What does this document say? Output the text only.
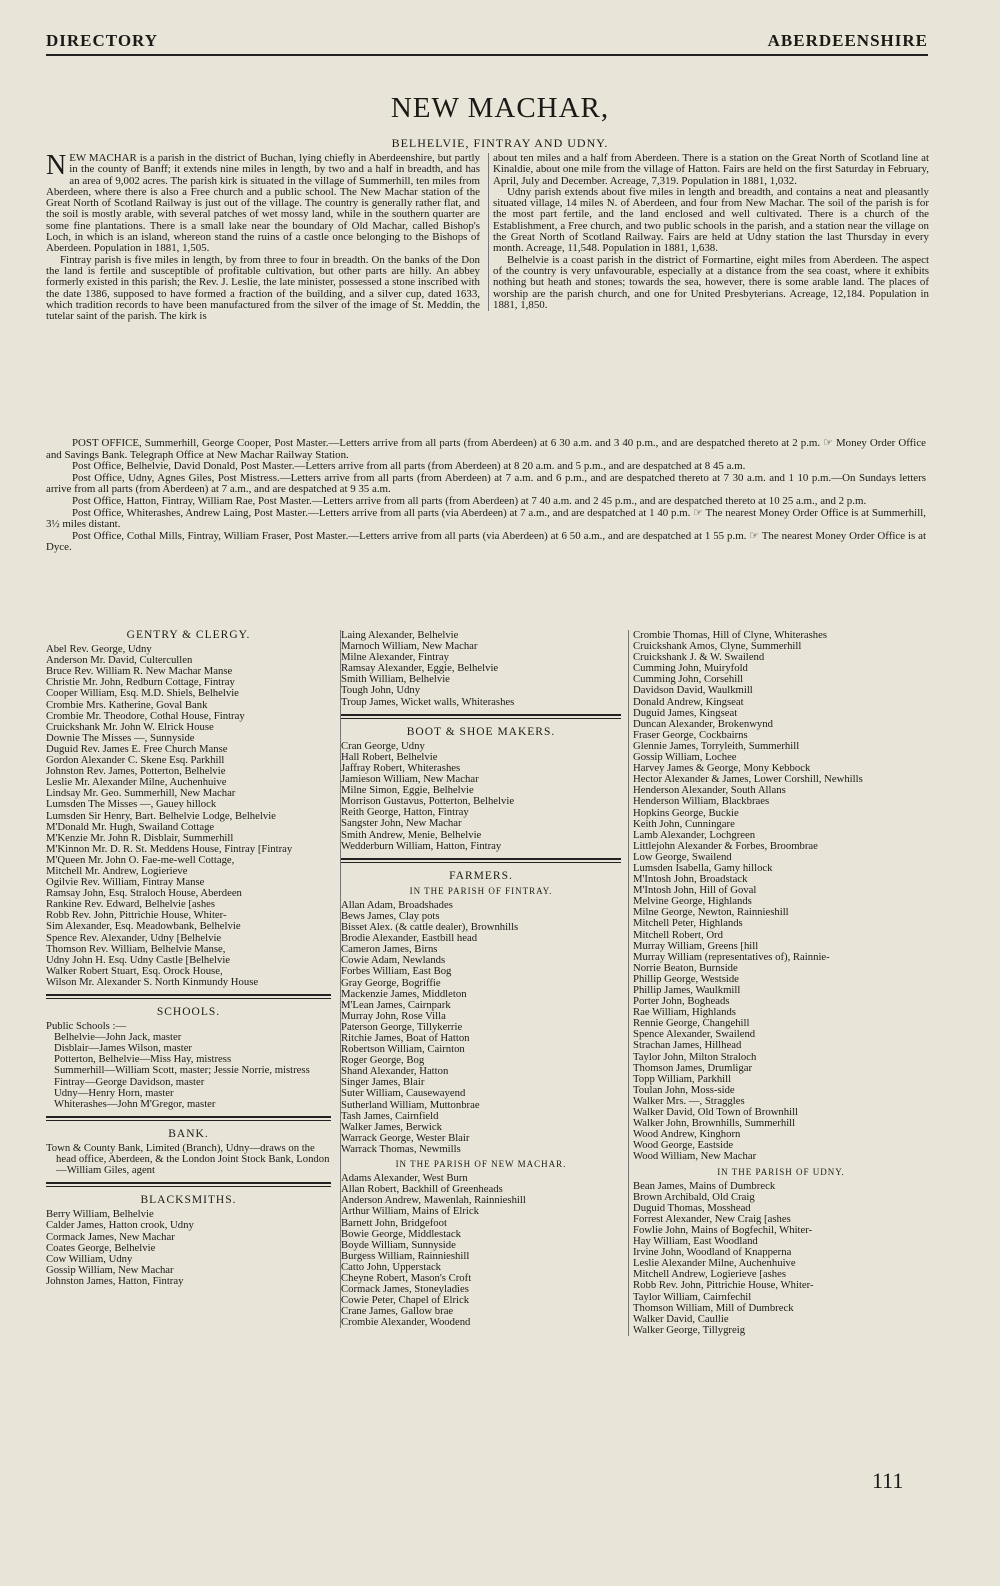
DIRECTORY	ABERDEENSHIRE
NEW MACHAR,
BELHELVIE, FINTRAY AND UDNY.

NEW MACHAR is a parish in the district of Buchan, lying chiefly in Aberdeenshire, but partly in the county of Banff; it extends nine miles in length, by two and a half in breadth, and has an area of 9,002 acres. The parish kirk is situated in the village of Summerhill, ten miles from Aberdeen, where there is also a Free church and a public school. The New Machar station of the Great North of Scotland Railway is just out of the village. The country is generally rather flat, and the soil is mostly arable, with several patches of wet mossy land, while in the southern quarter are some fine plantations. There is a small lake near the boundary of Old Machar, called Bishop's Loch, in which is an island, whereon stand the ruins of a castle once belonging to the Bishops of Aberdeen. Population in 1881, 1,505.

Fintray parish is five miles in length, by from three to four in breadth. On the banks of the Don the land is fertile and susceptible of profitable cultivation, but other parts are hilly. An abbey formerly existed in this parish; the Rev. J. Leslie, the late minister, possessed a stone inscribed with the date 1386, supposed to have formed a fraction of the building, and a silver cup, dated 1633, which tradition records to have been manufactured from the silver of the image of St. Meddin, the tutelar saint of the parish. The kirk is

about ten miles and a half from Aberdeen. There is a station on the Great North of Scotland line at Kinaldie, about one mile from the village of Hatton. Fairs are held on the first Saturday in February, April, July and December. Acreage, 7,319. Population in 1881, 1,032.

Udny parish extends about five miles in length and breadth, and contains a neat and pleasantly situated village, 14 miles N. of Aberdeen, and four from New Machar. The soil of the parish is for the most part fertile, and the land enclosed and well cultivated. There is a church of the Establishment, a Free church, and two public schools in the parish, and a station near the village on the Great North of Scotland Railway. Fairs are held at Udny station the last Thursday in every month. Acreage, 11,548. Population in 1881, 1,638.

Belhelvie is a coast parish in the district of Formartine, eight miles from Aberdeen. The aspect of the country is very unfavourable, especially at a distance from the sea coast, where it exhibits nothing but heath and stones; towards the sea, however, there is some arable land. The places of worship are the parish church, and one for United Presbyterians. Acreage, 12,184. Population in 1881, 1,850.

POST OFFICE, Summerhill, George Cooper, Post Master.—Letters arrive from all parts (from Aberdeen) at 6 30 a.m. and 3 40 p.m., and are despatched thereto at 2 p.m. ☞ Money Order Office and Savings Bank. Telegraph Office at New Machar Railway Station.

Post Office, Belhelvie, David Donald, Post Master.—Letters arrive from all parts (from Aberdeen) at 8 20 a.m. and 5 p.m., and are despatched at 8 45 a.m.

Post Office, Udny, Agnes Giles, Post Mistress.—Letters arrive from all parts (from Aberdeen) at 7 a.m. and 6 p.m., and are despatched thereto at 7 30 a.m. and 1 10 p.m.—On Sundays letters arrive from all parts (from Aberdeen) at 7 a.m., and are despatched at 9 35 a.m.

Post Office, Hatton, Fintray, William Rae, Post Master.—Letters arrive from all parts (from Aberdeen) at 7 40 a.m. and 2 45 p.m., and are despatched thereto at 10 25 a.m., and 2 p.m.

Post Office, Whiterashes, Andrew Laing, Post Master.—Letters arrive from all parts (via Aberdeen) at 7 a.m., and are despatched at 1 40 p.m. ☞ The nearest Money Order Office is at Summerhill, 3½ miles distant.

Post Office, Cothal Mills, Fintray, William Fraser, Post Master.—Letters arrive from all parts (via Aberdeen) at 6 50 a.m., and are despatched at 1 55 p.m. ☞ The nearest Money Order Office is at Dyce.

GENTRY & CLERGY.
Abel Rev. George, Udny
Anderson Mr. David, Cultercullen
Bruce Rev. William R. New Machar Manse
Christie Mr. John, Redburn Cottage, Fintray
Cooper William, Esq. M.D. Shiels, Belhelvie
Crombie Mrs. Katherine, Goval Bank
Crombie Mr. Theodore, Cothal House, Fintray
Cruickshank Mr. John W. Elrick House
Downie The Misses —, Sunnyside
Duguid Rev. James E. Free Church Manse
Gordon Alexander C. Skene Esq. Parkhill
Johnston Rev. James, Potterton, Belhelvie
Leslie Mr. Alexander Milne, Auchenhuive
Lindsay Mr. Geo. Summerhill, New Machar
Lumsden The Misses —, Gauey hillock
Lumsden Sir Henry, Bart. Belhelvie Lodge, Belhelvie
M'Donald Mr. Hugh, Swailand Cottage
M'Kenzie Mr. John R. Disblair, Summerhill
M'Kinnon Mr. D. R. St. Meddens House, Fintray [Fintray
M'Queen Mr. John O. Fae-me-well Cottage,
Mitchell Mr. Andrew, Logierieve
Ogilvie Rev. William, Fintray Manse
Ramsay John, Esq. Straloch House, Aberdeen
Rankine Rev. Edward, Belhelvie [ashes
Robb Rev. John, Pittrichie House, Whiter-
Sim Alexander, Esq. Meadowbank, Belhelvie
Spence Rev. Alexander, Udny [Belhelvie
Thomson Rev. William, Belhelvie Manse,
Udny John H. Esq. Udny Castle [Belhelvie
Walker Robert Stuart, Esq. Orock House,
Wilson Mr. Alexander S. North Kinmundy House
SCHOOLS.
Public Schools :—
Belhelvie—John Jack, master
Disblair—James Wilson, master
Potterton, Belhelvie—Miss Hay, mistress
Summerhill—William Scott, master; Jessie Norrie, mistress
Fintray—George Davidson, master
Udny—Henry Horn, master
Whiterashes—John M'Gregor, master
BANK.
Town & County Bank, Limited (Branch), Udny—draws on the head office, Aberdeen, & the London Joint Stock Bank, London —William Giles, agent
BLACKSMITHS.
Berry William, Belhelvie
Calder James, Hatton crook, Udny
Cormack James, New Machar
Coates George, Belhelvie
Cow William, Udny
Gossip William, New Machar
Johnston James, Hatton, Fintray
Laing Alexander, Belhelvie
Marnoch William, New Machar
Milne Alexander, Fintray
Ramsay Alexander, Eggie, Belhelvie
Smith William, Belhelvie
Tough John, Udny
Troup James, Wicket walls, Whiterashes
BOOT & SHOE MAKERS.
Cran George, Udny
Hall Robert, Belhelvie
Jaffray Robert, Whiterashes
Jamieson William, New Machar
Milne Simon, Eggie, Belhelvie
Morrison Gustavus, Potterton, Belhelvie
Reith George, Hatton, Fintray
Sangster John, New Machar
Smith Andrew, Menie, Belhelvie
Wedderburn William, Hatton, Fintray
FARMERS.
IN THE PARISH OF FINTRAY.
Allan Adam, Broadshades
Bews James, Clay pots
Bisset Alex. (& cattle dealer), Brownhills
Brodie Alexander, Eastbill head
Cameron James, Birns
Cowie Adam, Newlands
Forbes William, East Bog
Gray George, Bogriffie
Mackenzie James, Middleton
M'Lean James, Cairnpark
Murray John, Rose Villa
Paterson George, Tillykerrie
Ritchie James, Boat of Hatton
Robertson William, Cairnton
Roger George, Bog
Shand Alexander, Hatton
Singer James, Blair
Suter William, Causewayend
Sutherland William, Muttonbrae
Tash James, Cairnfield
Walker James, Berwick
Warrack George, Wester Blair
Warrack Thomas, Newmills
IN THE PARISH OF NEW MACHAR.
Adams Alexander, West Burn
Allan Robert, Backhill of Greenheads
Anderson Andrew, Mawenlah, Rainnieshill
Arthur William, Mains of Elrick
Barnett John, Bridgefoot
Bowie George, Middlestack
Boyde William, Sunnyside
Burgess William, Rainnieshill
Catto John, Upperstack
Cheyne Robert, Mason's Croft
Cormack James, Stoneyladies
Cowie Peter, Chapel of Elrick
Crane James, Gallow brae
Crombie Alexander, Woodend
Crombie Thomas, Hill of Clyne, Whiterashes
Cruickshank Amos, Clyne, Summerhill
Cruickshank J. & W. Swailend
Cumming John, Muiryfold
Cumming John, Corsehill
Davidson David, Waulkmill
Donald Andrew, Kingseat
Duguid James, Kingseat
Duncan Alexander, Brokenwynd
Fraser George, Cockbairns
Glennie James, Torryleith, Summerhill
Gossip William, Lochee
Harvey James & George, Mony Kebbock
Hector Alexander & James, Lower Corshill, Newhills
Henderson Alexander, South Allans
Henderson William, Blackbraes
Hopkins George, Buckie
Keith John, Cunningare
Lamb Alexander, Lochgreen
Littlejohn Alexander & Forbes, Broombrae
Low George, Swailend
Lumsden Isabella, Gamy hillock
M'Intosh John, Broadstack
M'Intosh John, Hill of Goval
Melvine George, Highlands
Milne George, Newton, Rainnieshill
Mitchell Peter, Highlands
Mitchell Robert, Ord
Murray William, Greens [hill
Murray William (representatives of), Rainnie-
Norrie Beaton, Burnside
Phillip George, Westside
Phillip James, Waulkmill
Porter John, Bogheads
Rae William, Highlands
Rennie George, Changehill
Spence Alexander, Swailend
Strachan James, Hillhead
Taylor John, Milton Straloch
Thomson James, Drumligar
Topp William, Parkhill
Toulan John, Moss-side
Walker Mrs. —, Straggles
Walker David, Old Town of Brownhill
Walker John, Brownhills, Summerhill
Wood Andrew, Kinghorn
Wood George, Eastside
Wood William, New Machar
IN THE PARISH OF UDNY.
Bean James, Mains of Dumbreck
Brown Archibald, Old Craig
Duguid Thomas, Mosshead
Forrest Alexander, New Craig [ashes
Fowlie John, Mains of Bogfechil, Whiter-
Hay William, East Woodland
Irvine John, Woodland of Knapperna
Leslie Alexander Milne, Auchenhuive
Mitchell Andrew, Logierieve [ashes
Robb Rev. John, Pittrichie House, Whiter-
Taylor William, Cairnfechil
Thomson William, Mill of Dumbreck
Walker David, Caullie
Walker George, Tillygreig
111
